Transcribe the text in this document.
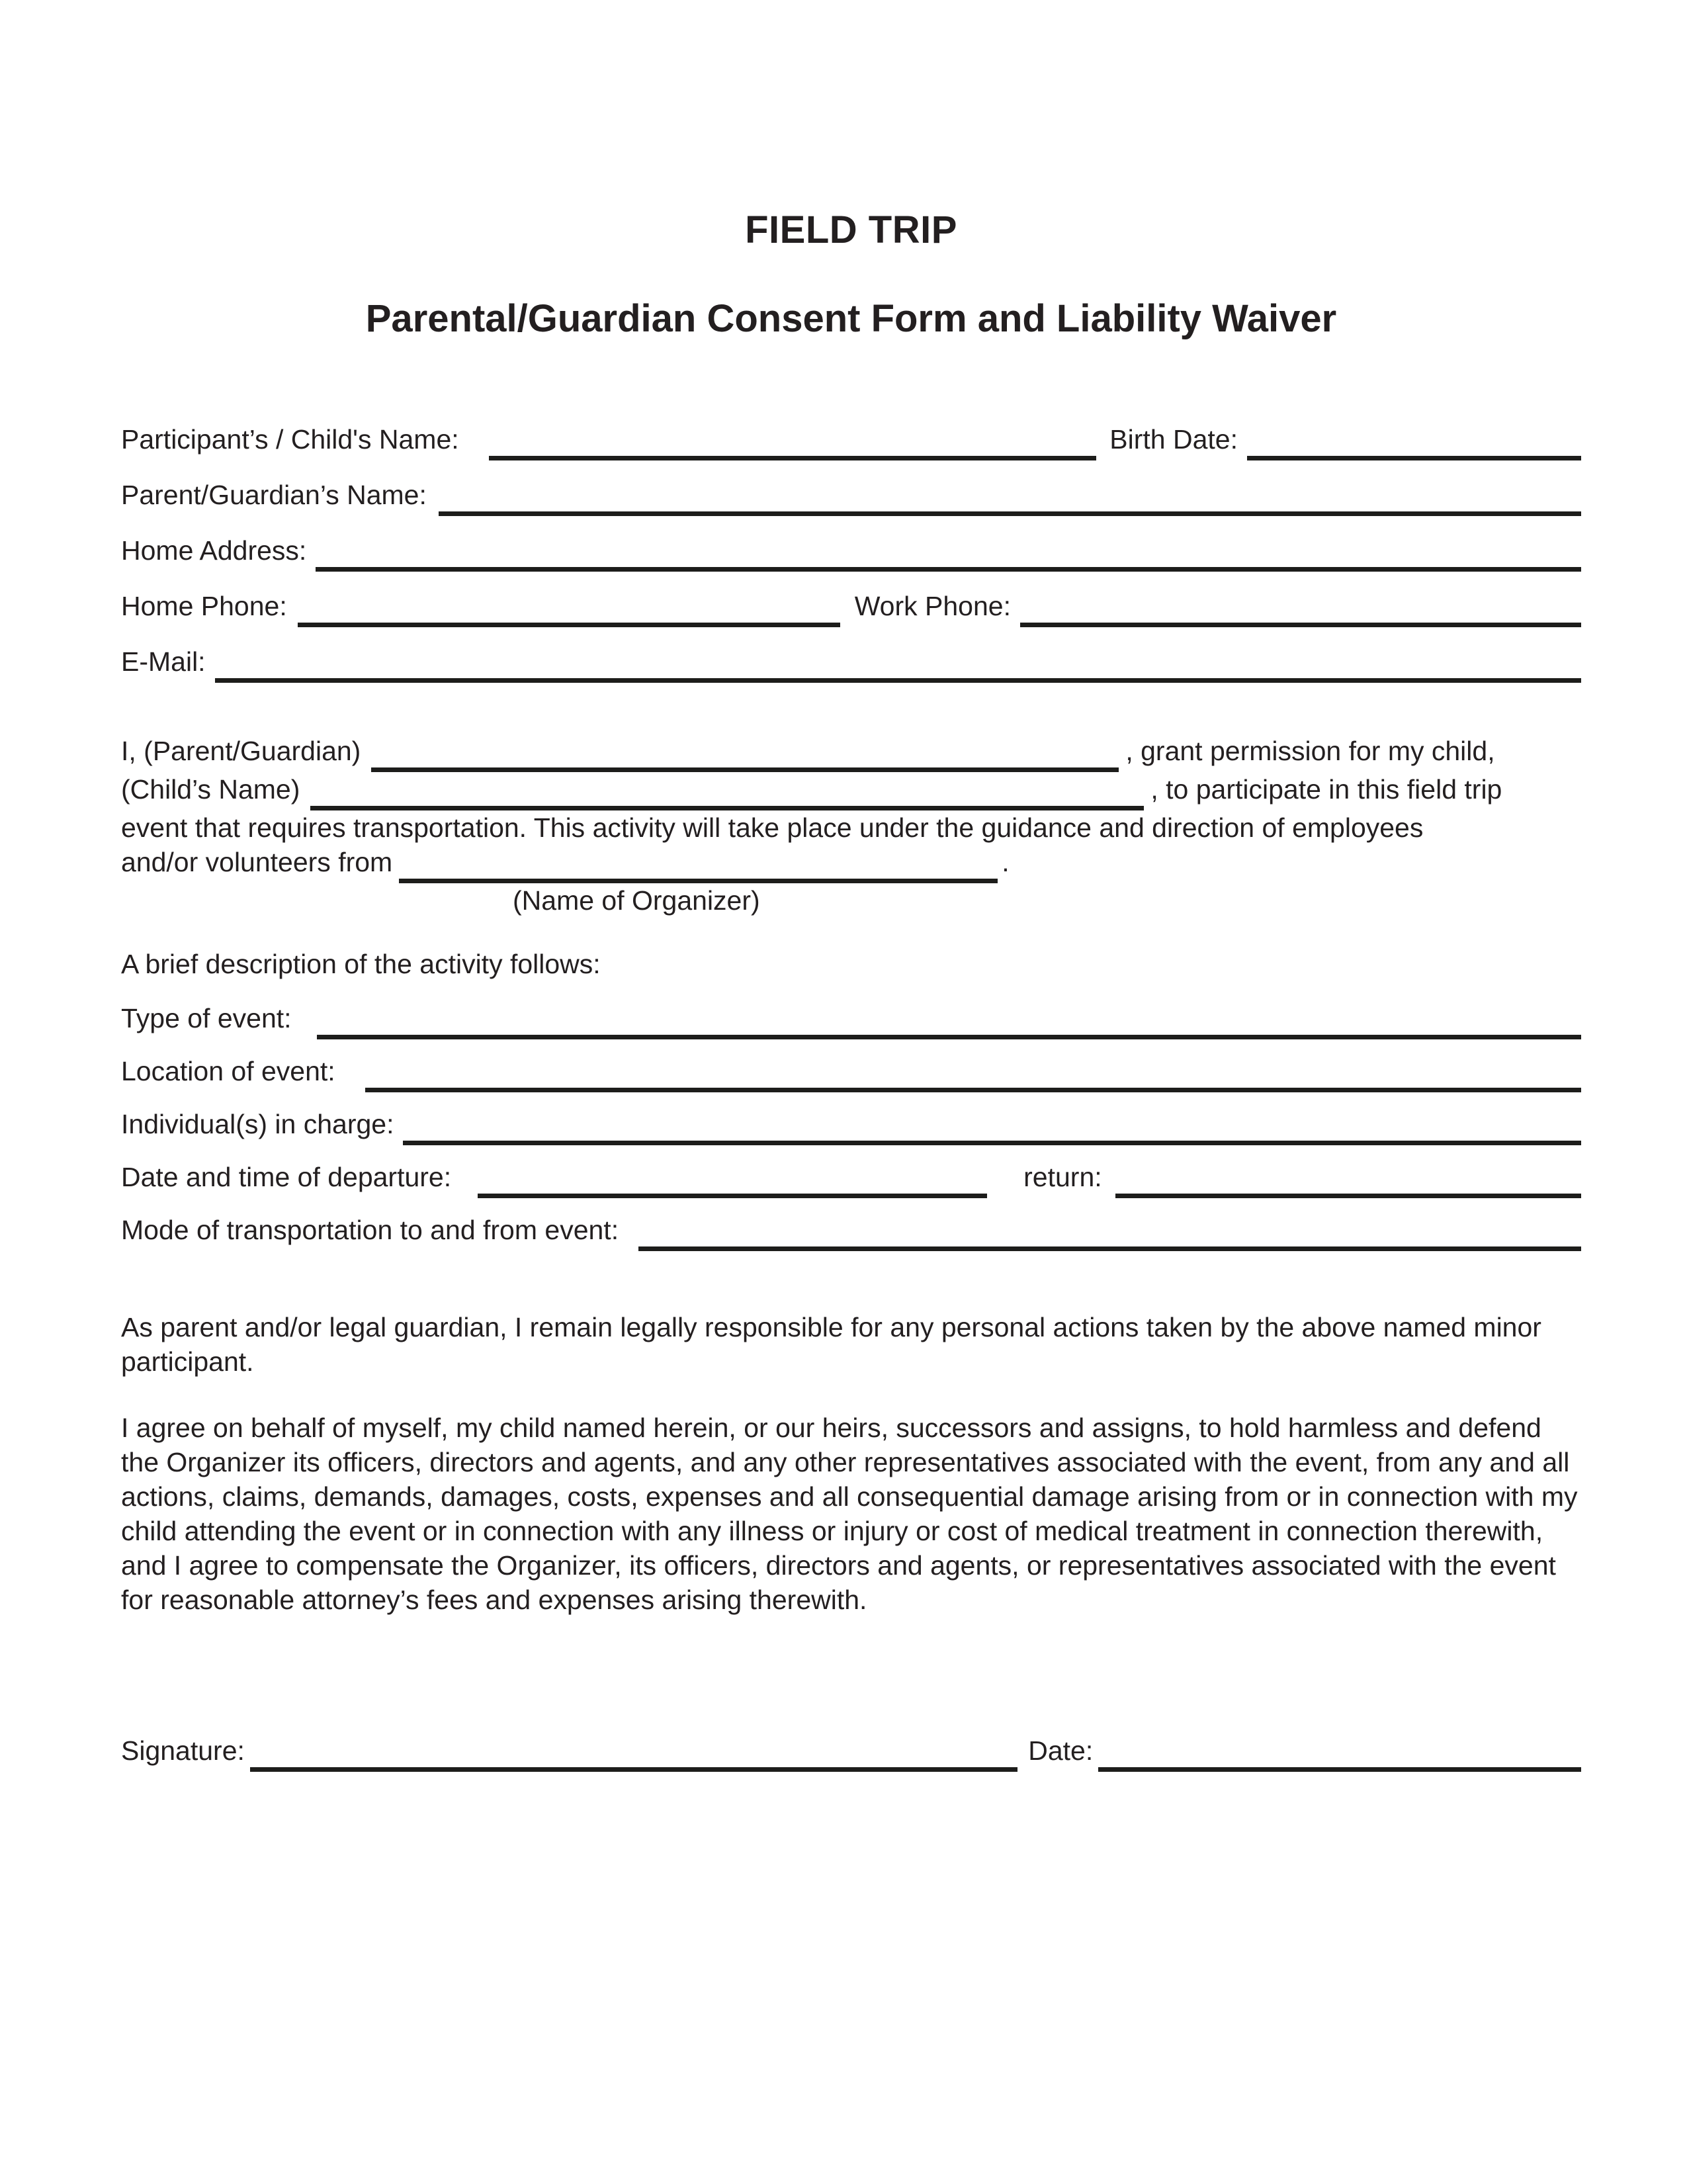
FIELD TRIP
Parental/Guardian Consent Form and Liability Waiver
Participant’s / Child's Name:	Birth Date:
Parent/Guardian’s Name:
Home Address:
Home Phone:	Work Phone:
E-Mail:
I, (Parent/Guardian)	, grant permission for my child,
(Child’s Name)	, to participate in this field trip
event that requires transportation. This activity will take place under the guidance and direction of employees
and/or volunteers from	.
(Name of Organizer)
A brief description of the activity follows:
Type of event:
Location of event:
Individual(s) in charge:
Date and time of departure:	return:
Mode of transportation to and from event:
As parent and/or legal guardian, I remain legally responsible for any personal actions taken by the above named minor participant.
I agree on behalf of myself, my child named herein, or our heirs, successors and assigns, to hold harmless and defend the Organizer its officers, directors and agents, and any other representatives associated with the event, from any and all actions, claims, demands, damages, costs, expenses and all consequential damage arising from or in connection with my child attending the event or in connection with any illness or injury or cost of medical treatment in connection therewith, and I agree to compensate the Organizer, its officers, directors and agents, or representatives associated with the event for reasonable attorney’s fees and expenses arising therewith.
Signature:	Date:
